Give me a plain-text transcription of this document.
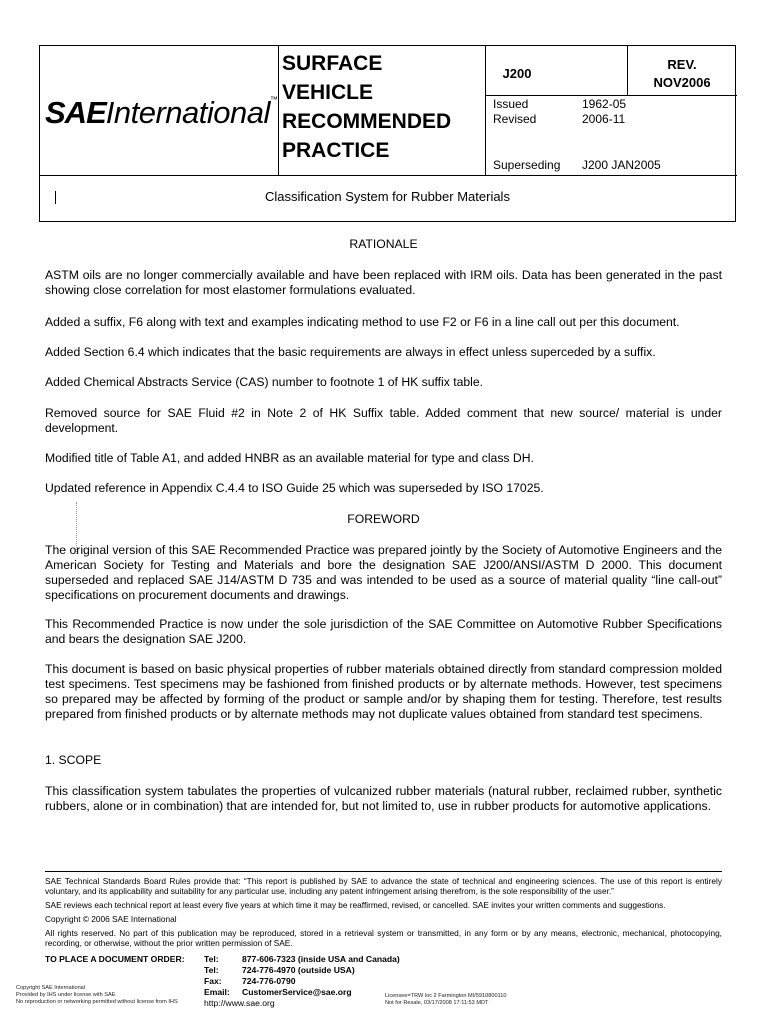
SAEInternational™
SURFACE
VEHICLE
RECOMMENDED
PRACTICE
J200
REV.
NOV2006
Issued	1962-05
Revised	2006-11
Superseding J200 JAN2005
Classification System for Rubber Materials
RATIONALE
ASTM oils are no longer commercially available and have been replaced with IRM oils. Data has been generated in the past showing close correlation for most elastomer formulations evaluated.
Added a suffix, F6 along with text and examples indicating method to use F2 or F6 in a line call out per this document.
Added Section 6.4 which indicates that the basic requirements are always in effect unless superceded by a suffix.
Added Chemical Abstracts Service (CAS) number to footnote 1 of HK suffix table.
Removed source for SAE Fluid #2 in Note 2 of HK Suffix table. Added comment that new source/ material is under development.
Modified title of Table A1, and added HNBR as an available material for type and class DH.
Updated reference in Appendix C.4.4 to ISO Guide 25 which was superseded by ISO 17025.
FOREWORD
The original version of this SAE Recommended Practice was prepared jointly by the Society of Automotive Engineers and the American Society for Testing and Materials and bore the designation SAE J200/ANSI/ASTM D 2000. This document superseded and replaced SAE J14/ASTM D 735 and was intended to be used as a source of material quality “line call-out” specifications on procurement documents and drawings.
This Recommended Practice is now under the sole jurisdiction of the SAE Committee on Automotive Rubber Specifications and bears the designation SAE J200.
This document is based on basic physical properties of rubber materials obtained directly from standard compression molded test specimens. Test specimens may be fashioned from finished products or by alternate methods. However, test specimens so prepared may be affected by forming of the product or sample and/or by shaping them for testing. Therefore, test results prepared from finished products or by alternate methods may not duplicate values obtained from standard test specimens.
1. SCOPE
This classification system tabulates the properties of vulcanized rubber materials (natural rubber, reclaimed rubber, synthetic rubbers, alone or in combination) that are intended for, but not limited to, use in rubber products for automotive applications.
SAE Technical Standards Board Rules provide that: “This report is published by SAE to advance the state of technical and engineering sciences. The use of this report is entirely voluntary, and its applicability and suitability for any particular use, including any patent infringement arising therefrom, is the sole responsibility of the user.”
SAE reviews each technical report at least every five years at which time it may be reaffirmed, revised, or cancelled. SAE invites your written comments and suggestions.
Copyright © 2006 SAE International
All rights reserved. No part of this publication may be reproduced, stored in a retrieval system or transmitted, in any form or by any means, electronic, mechanical, photocopying, recording, or otherwise, without the prior written permission of SAE.
TO PLACE A DOCUMENT ORDER: Tel:	877-606-7323 (inside USA and Canada)
Tel:	724-776-4970 (outside USA)
Fax: 724-776-0790
Email: CustomerService@sae.org
http://www.sae.org
Copyright SAE International
Provided by IHS under license with SAE
No reproduction or networking permitted without license from IHS
Licensee=TRW loc 2 Farmington MI/5910800110
Not for Resale, 03/17/2008 17:11:53 MDT
